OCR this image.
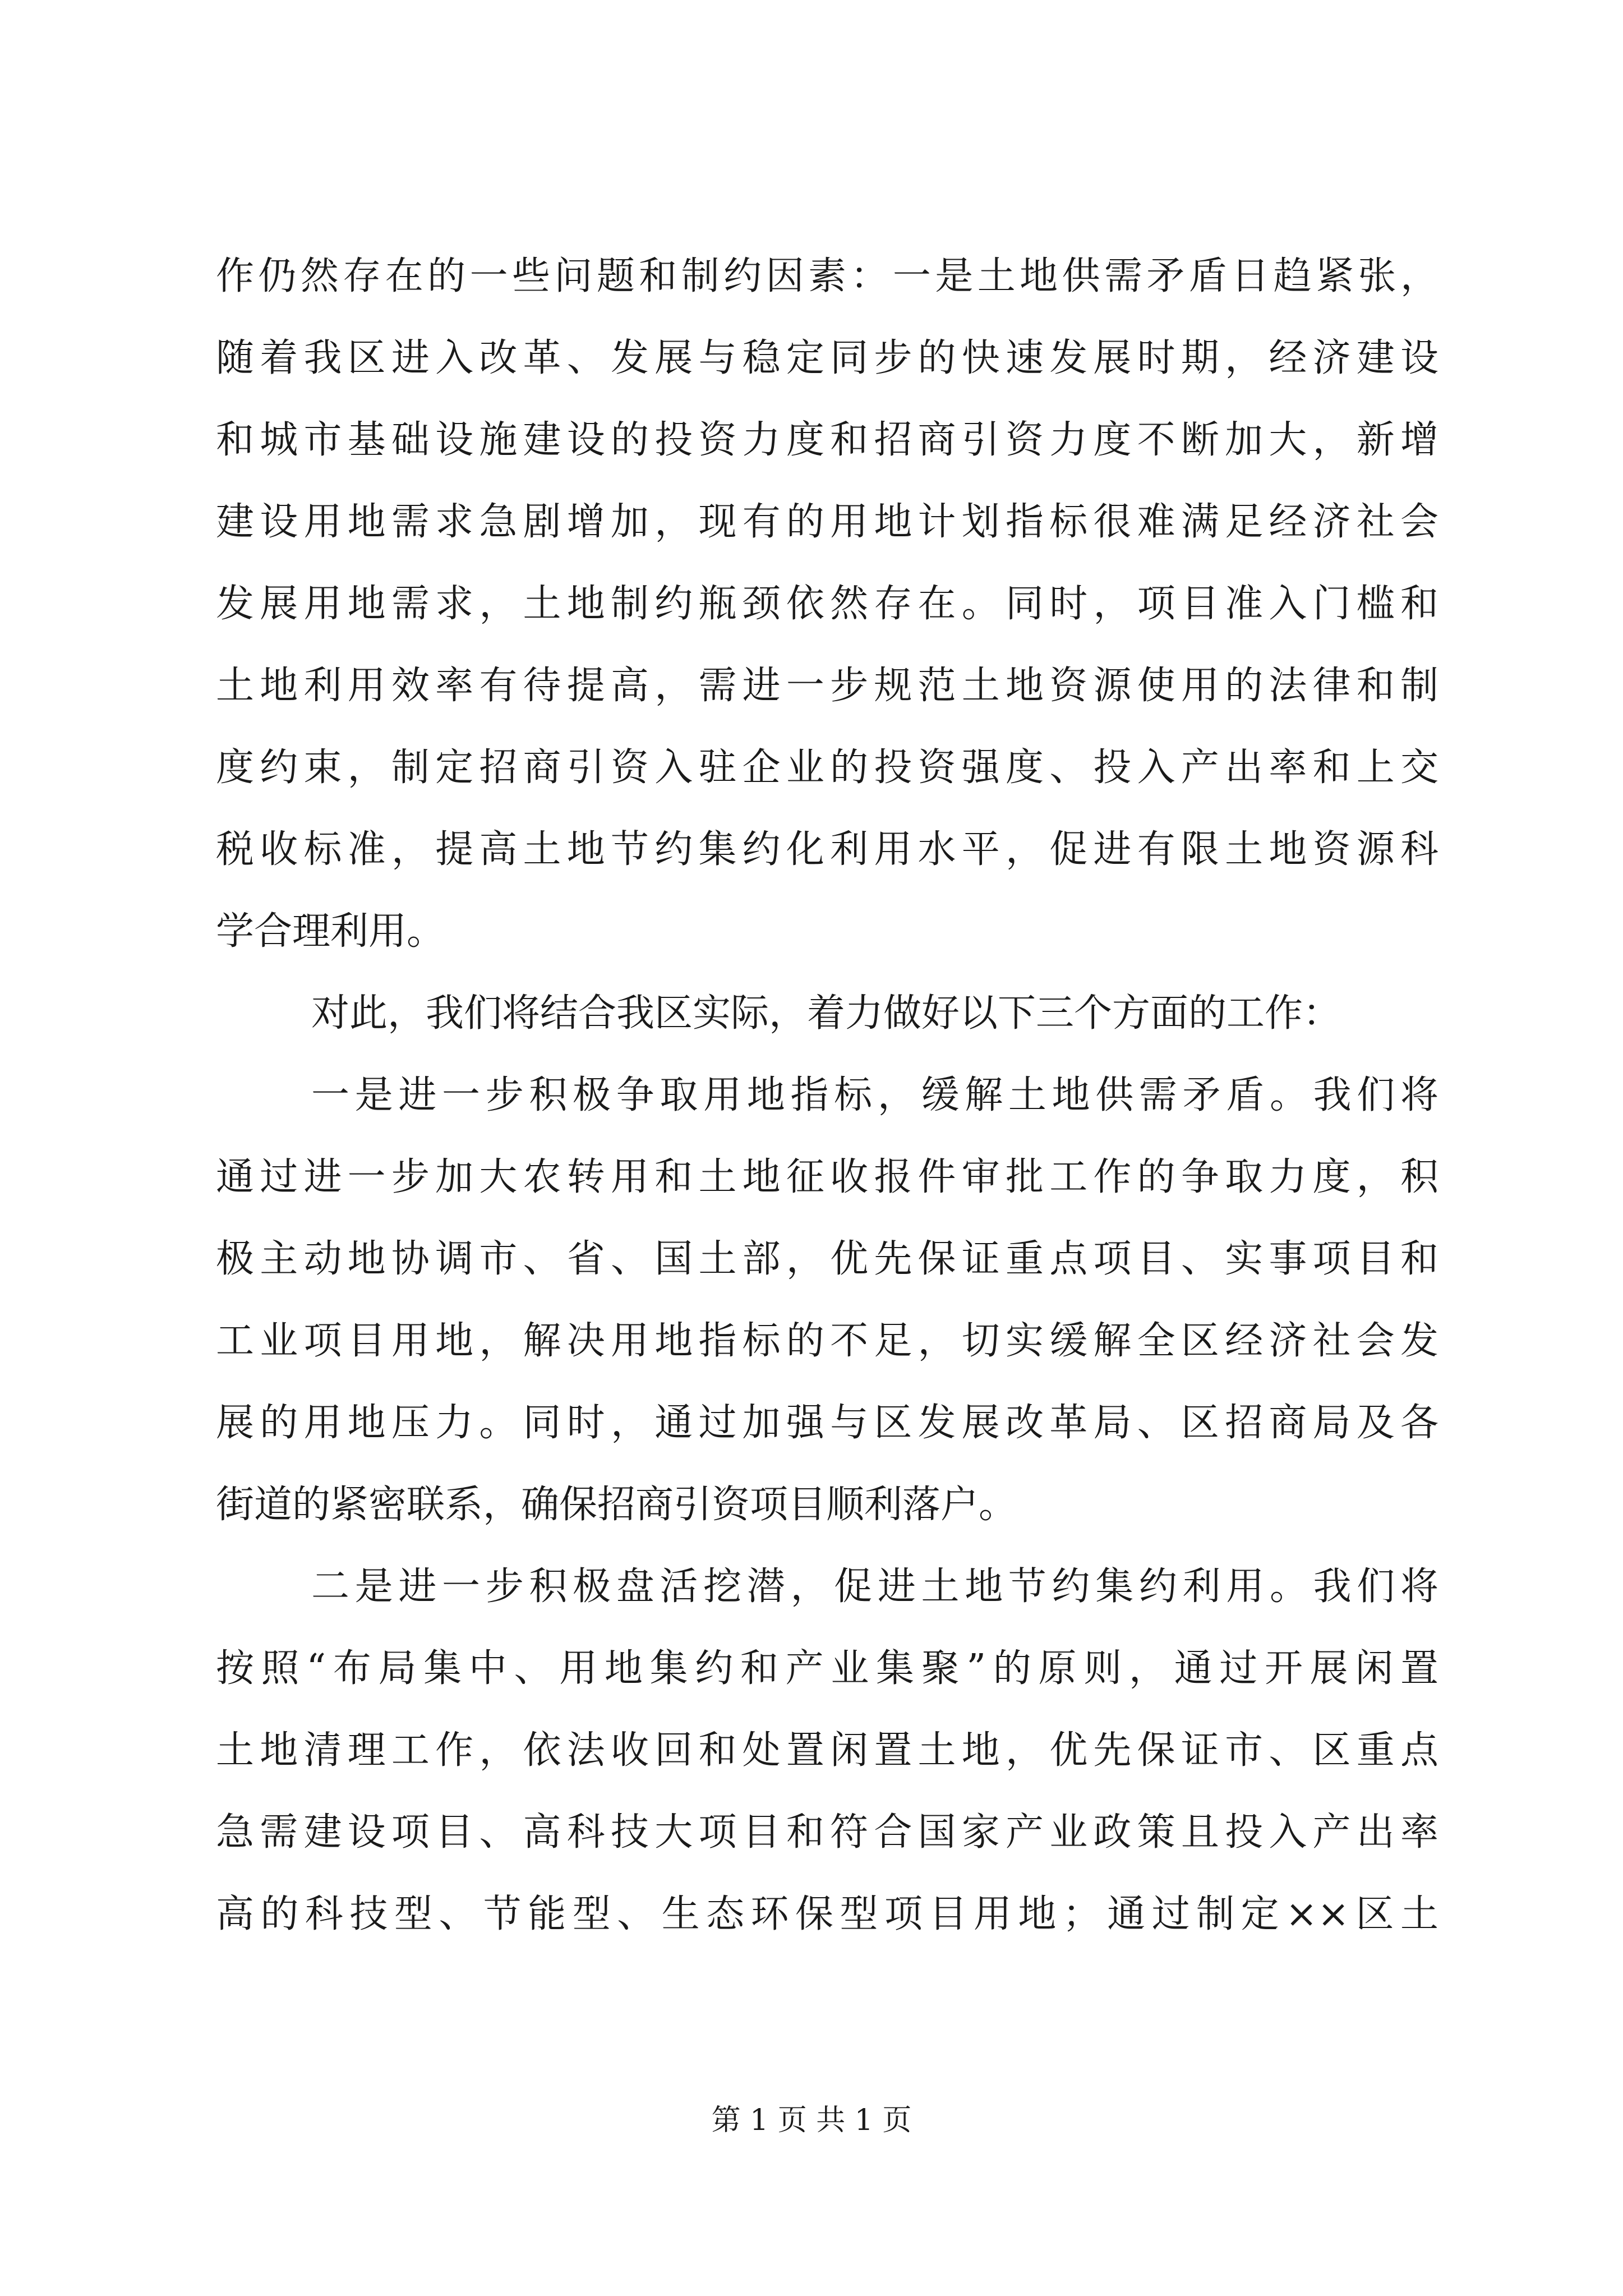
作仍然存在的一些问题和制约因素：一是土地供需矛盾日趋紧张，
随着我区进入改革、发展与稳定同步的快速发展时期，经济建设
和城市基础设施建设的投资力度和招商引资力度不断加大，新增
建设用地需求急剧增加，现有的用地计划指标很难满足经济社会
发展用地需求，土地制约瓶颈依然存在。同时，项目准入门槛和
土地利用效率有待提高，需进一步规范土地资源使用的法律和制
度约束，制定招商引资入驻企业的投资强度、投入产出率和上交
税收标准，提高土地节约集约化利用水平，促进有限土地资源科
学合理利用。
对此，我们将结合我区实际，着力做好以下三个方面的工作：
一是进一步积极争取用地指标，缓解土地供需矛盾。我们将
通过进一步加大农转用和土地征收报件审批工作的争取力度，积
极主动地协调市、省、国土部，优先保证重点项目、实事项目和
工业项目用地，解决用地指标的不足，切实缓解全区经济社会发
展的用地压力。同时，通过加强与区发展改革局、区招商局及各
街道的紧密联系，确保招商引资项目顺利落户。
二是进一步积极盘活挖潜，促进土地节约集约利用。我们将
按照“布局集中、用地集约和产业集聚”的原则，通过开展闲置
土地清理工作，依法收回和处置闲置土地，优先保证市、区重点
急需建设项目、高科技大项目和符合国家产业政策且投入产出率
高的科技型、节能型、生态环保型项目用地；通过制定××区土
第 1 页 共 1 页
